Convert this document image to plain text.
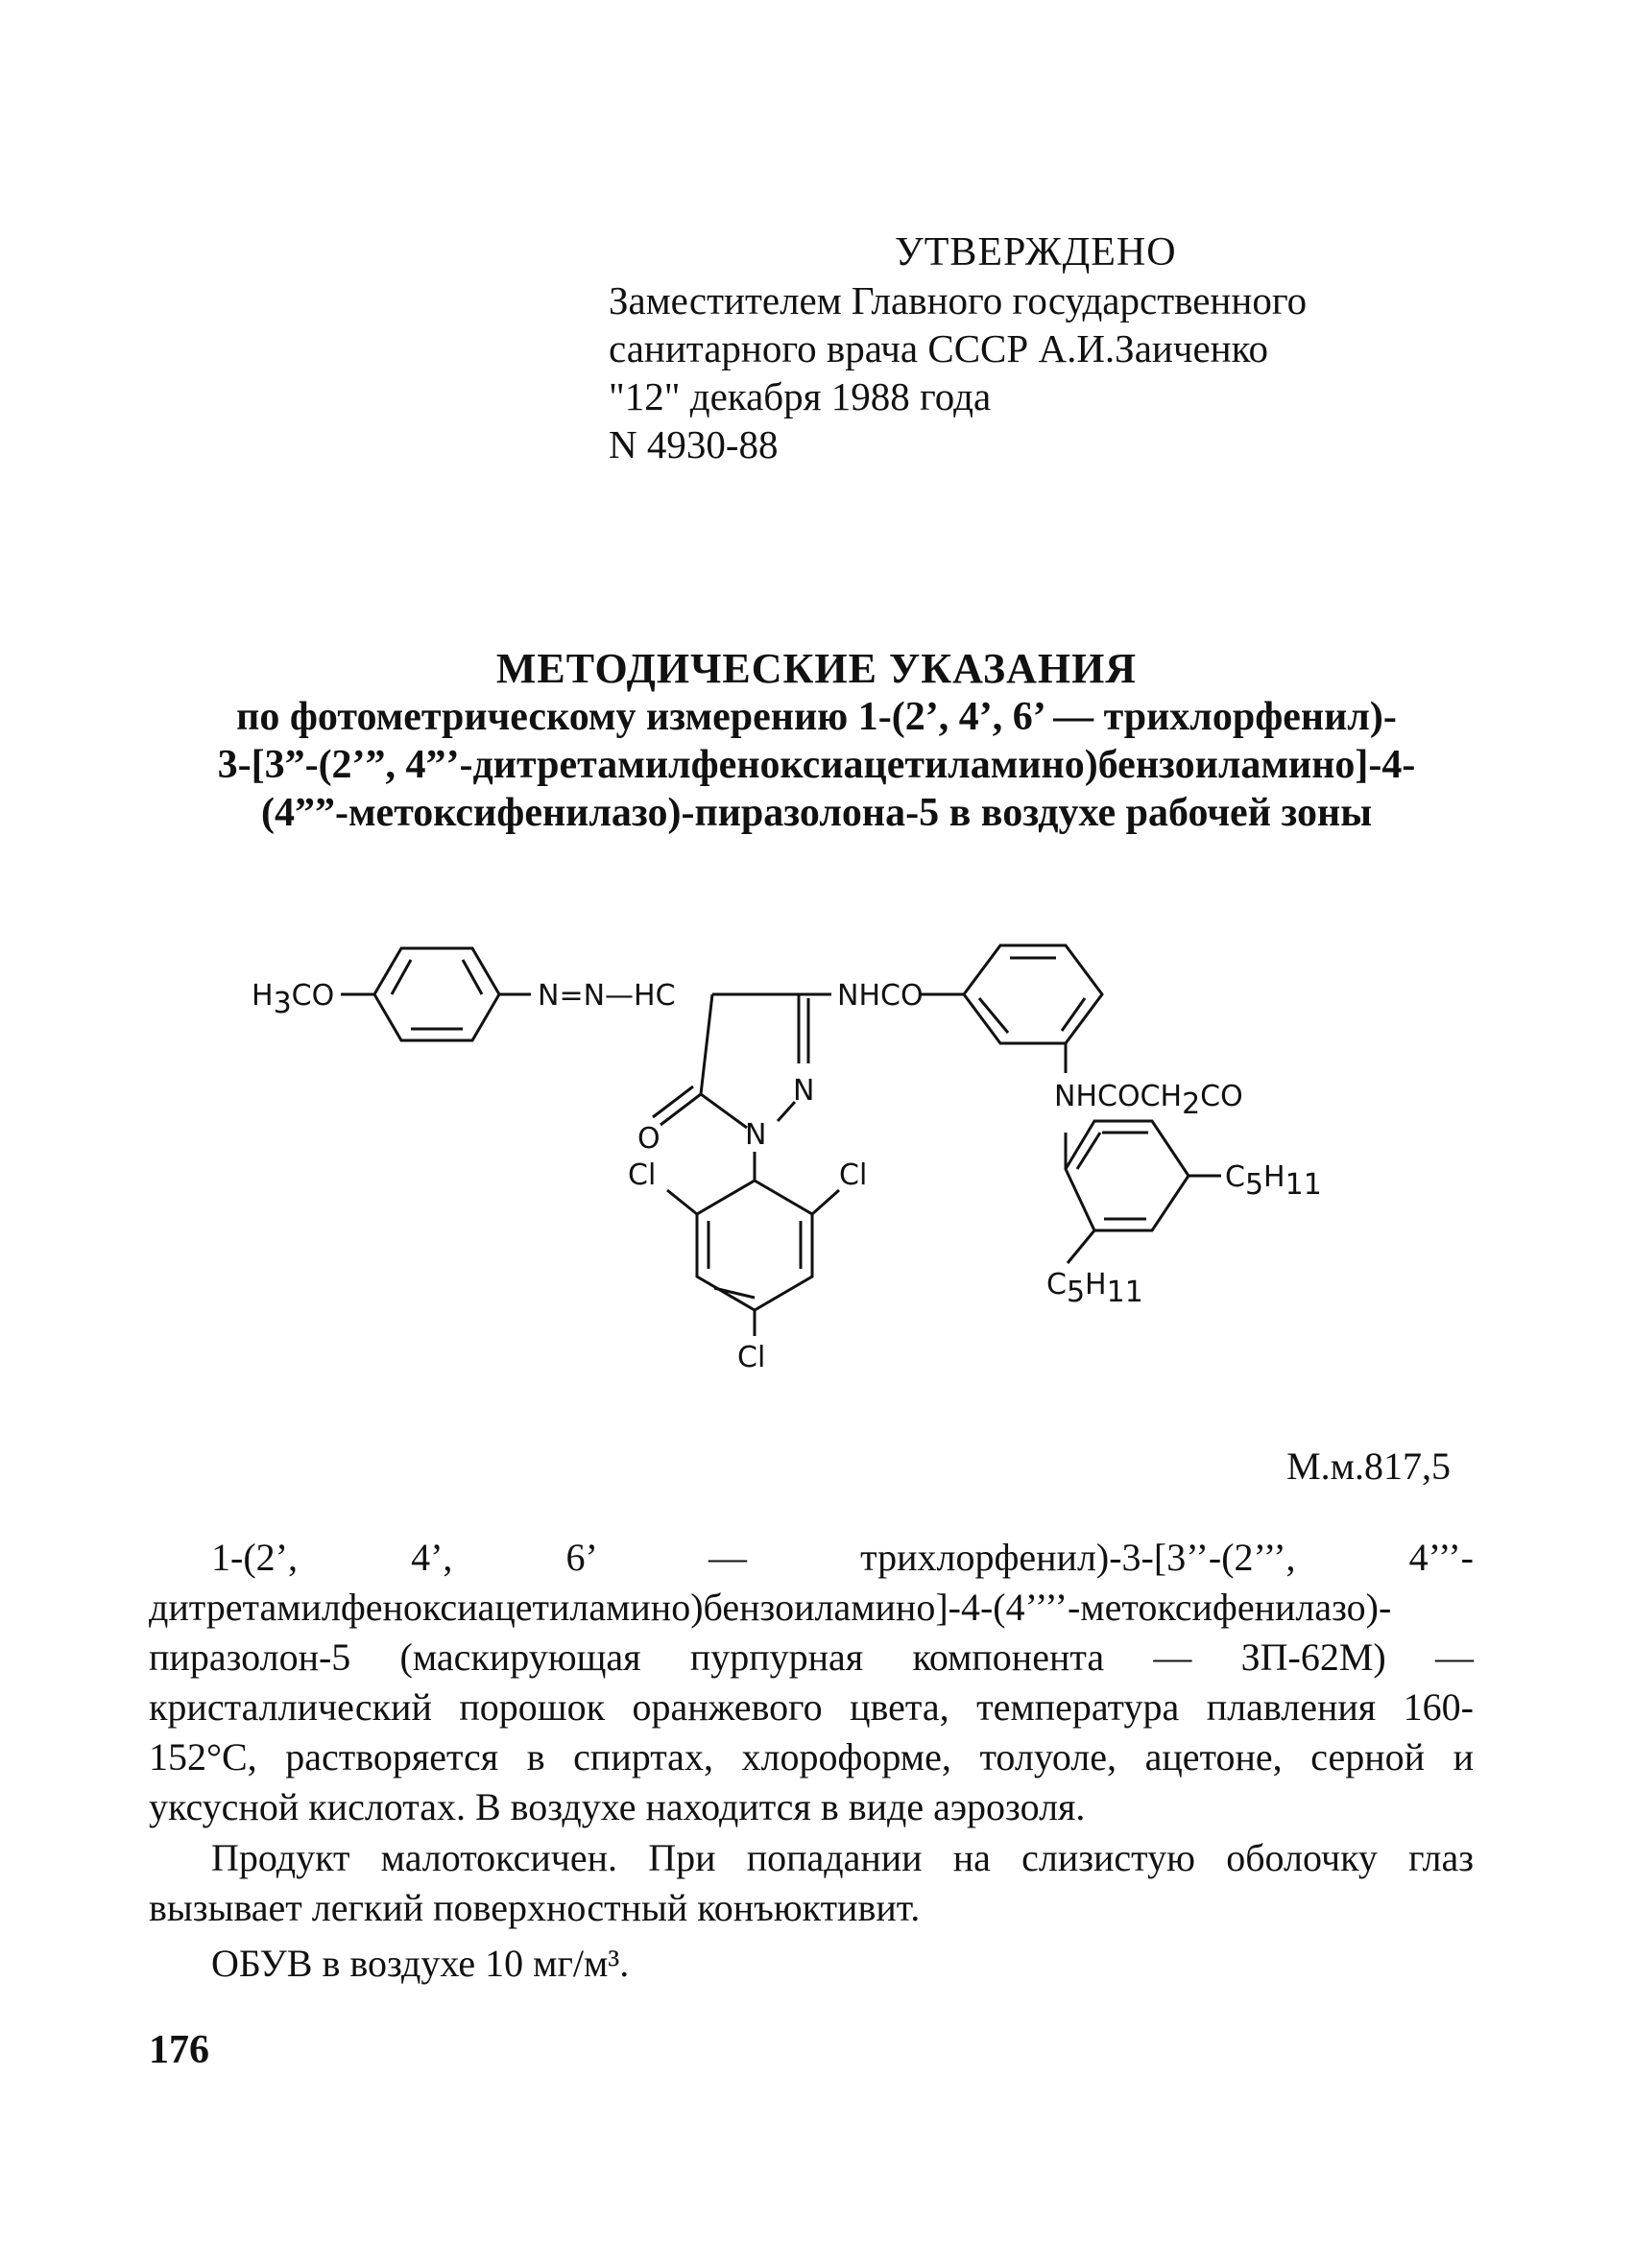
УТВЕРЖДЕНО
Заместителем Главного государственного
санитарного врача СССР А.И.Заиченко
"12" декабря 1988 года
N 4930-88
МЕТОДИЧЕСКИЕ УКАЗАНИЯ
по фотометрическому измерению 1-(2’, 4’, 6’ — трихлорфенил)-
3-[3”-(2’”, 4”’-дитретамилфеноксиацетиламино)бензоиламино]-4-
(4””-метоксифенилазо)-пиразолона-5 в воздухе рабочей зоны
H3CO	N=N—HC	NHCO
N
N
O
Cl	Cl
Cl
NHCOCH2CO
C5H11
C5H11
М.м.817,5

1-(2’, 4’, 6’ — трихлорфенил)-3-[3’’-(2’’’, 4’’’-дитретамилфеноксиацетиламино)бензоиламино]-4-(4’’’’-метоксифенилазо)-пиразолон-5 (маскирующая пурпурная компонента — ЗП-62М) — кристаллический порошок оранжевого цвета, температура плавления 160-152°С, растворяется в спиртах, хлороформе, толуоле, ацетоне, серной и уксусной кислотах. В воздухе находится в виде аэрозоля.

Продукт малотоксичен. При попадании на слизистую оболочку глаз вызывает легкий поверхностный конъюктивит.

ОБУВ в воздухе 10 мг/м³.

176
